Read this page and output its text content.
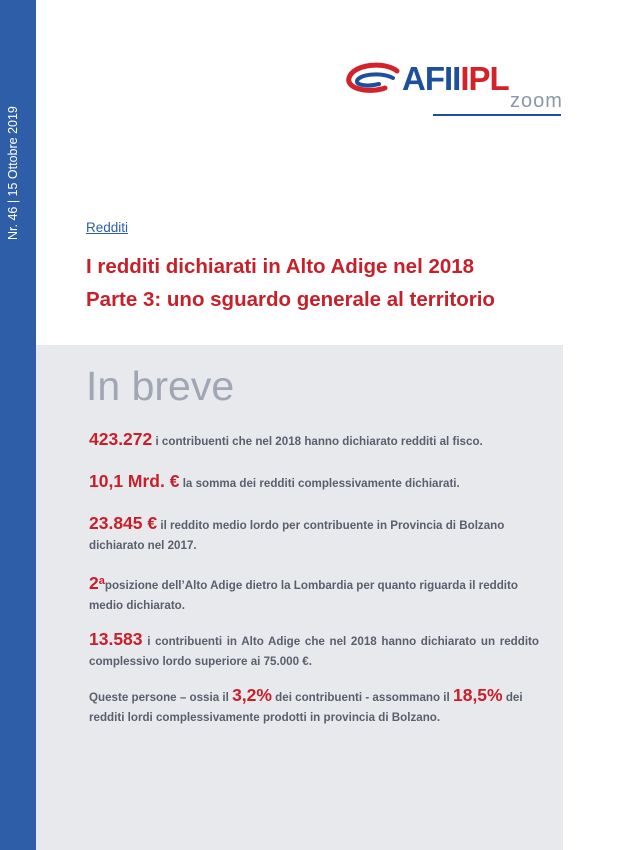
Nr. 46 | 15 Ottobre 2019
AFIIIPL
zoom
Redditi
I redditi dichiarati in Alto Adige nel 2018
Parte 3: uno sguardo generale al territorio
In breve
423.272 i contribuenti che nel 2018 hanno dichiarato redditi al fisco.
10,1 Mrd. € la somma dei redditi complessivamente dichiarati.
23.845 € il reddito medio lordo per contribuente in Provincia di Bolzano dichiarato nel 2017.
2aposizione dell’Alto Adige dietro la Lombardia per quanto riguarda il reddito medio dichiarato.
13.583 i contribuenti in Alto Adige che nel 2018 hanno dichiarato un reddito complessivo lordo superiore ai 75.000 €.
Queste persone – ossia il 3,2% dei contribuenti - assommano il 18,5% dei redditi lordi complessivamente prodotti in provincia di Bolzano.
